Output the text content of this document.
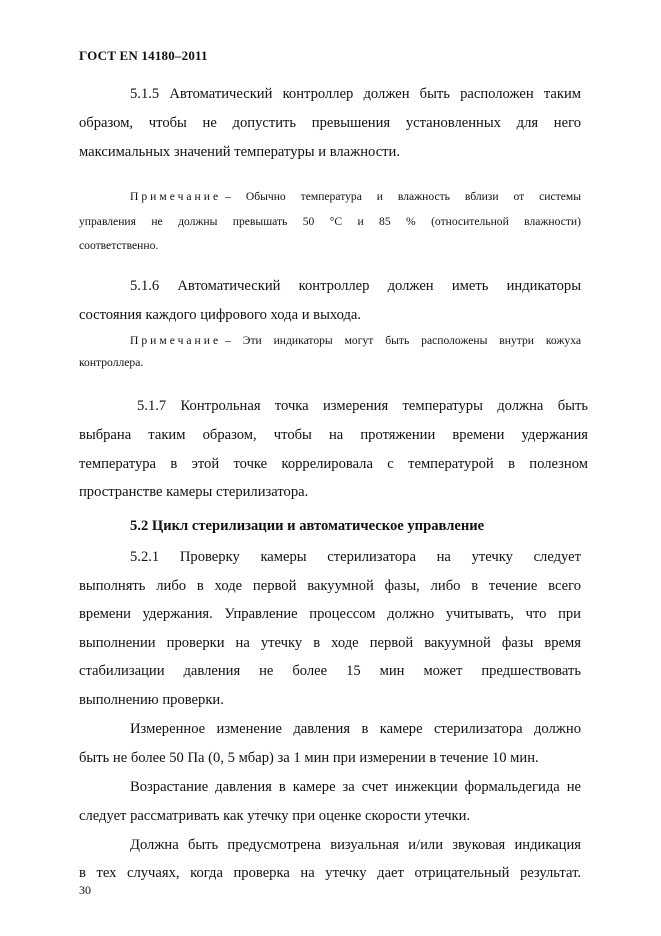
ГОСТ EN 14180–2011
5.1.5 Автоматический контроллер должен быть расположен таким
образом, чтобы не допустить превышения установленных для него
максимальных значений температуры и влажности.
Примечание – Обычно температура и влажность вблизи от системы
управления не должны превышать 50 °С и 85 % (относительной влажности)
соответственно.
5.1.6 Автоматический контроллер должен иметь индикаторы
состояния каждого цифрового хода и выхода.
Примечание – Эти индикаторы могут быть расположены внутри кожуха
контроллера.
5.1.7 Контрольная точка измерения температуры должна быть
выбрана таким образом, чтобы на протяжении времени удержания
температура в этой точке коррелировала с температурой в полезном
пространстве камеры стерилизатора.
5.2 Цикл стерилизации и автоматическое управление
5.2.1 Проверку камеры стерилизатора на утечку следует
выполнять либо в ходе первой вакуумной фазы, либо в течение всего
времени удержания. Управление процессом должно учитывать, что при
выполнении проверки на утечку в ходе первой вакуумной фазы время
стабилизации давления не более 15 мин может предшествовать
выполнению проверки.
Измеренное изменение давления в камере стерилизатора должно
быть не более 50 Па (0, 5 мбар) за 1 мин при измерении в течение 10 мин.
Возрастание давления в камере за счет инжекции формальдегида не
следует рассматривать как утечку при оценке скорости утечки.
Должна быть предусмотрена визуальная и/или звуковая индикация
в тех случаях, когда проверка на утечку дает отрицательный результат.
30
